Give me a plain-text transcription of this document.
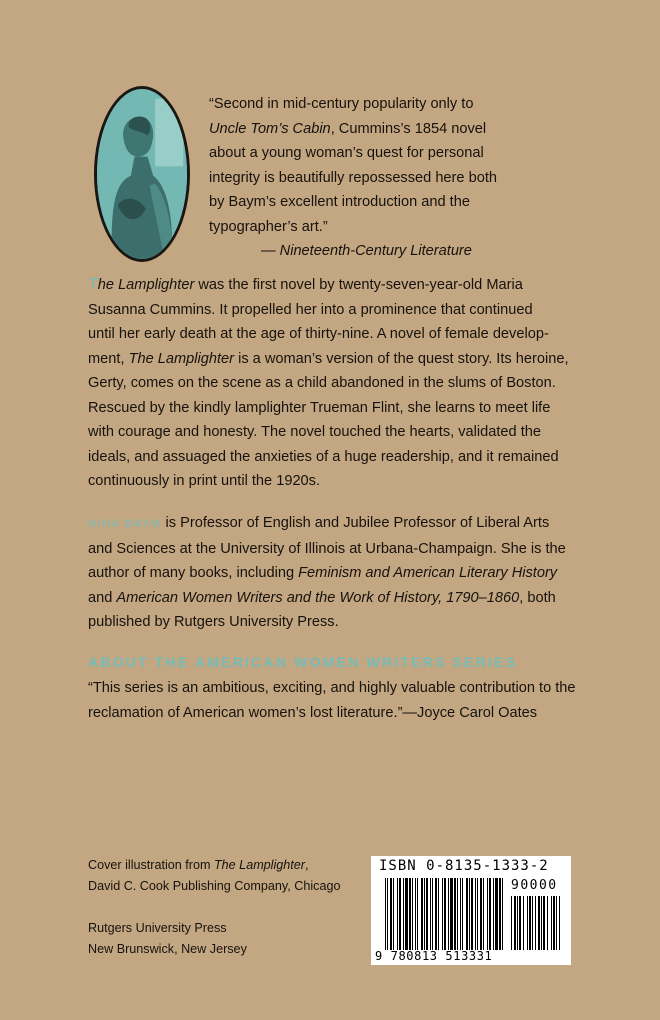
“Second in mid-century popularity only to
Uncle Tom’s Cabin, Cummins’s 1854 novel
about a young woman’s quest for personal
integrity is beautifully repossessed here both
by Baym’s excellent introduction and the
typographer’s art.”
— Nineteenth-Century Literature
The Lamplighter was the first novel by twenty-seven-year-old Maria
Susanna Cummins. It propelled her into a prominence that continued
until her early death at the age of thirty-nine. A novel of female develop-
ment, The Lamplighter is a woman’s version of the quest story. Its heroine,
Gerty, comes on the scene as a child abandoned in the slums of Boston.
Rescued by the kindly lamplighter Trueman Flint, she learns to meet life
with courage and honesty. The novel touched the hearts, validated the
ideals, and assuaged the anxieties of a huge readership, and it remained
continuously in print until the 1920s.
NINA BAYM is Professor of English and Jubilee Professor of Liberal Arts
and Sciences at the University of Illinois at Urbana-Champaign. She is the
author of many books, including Feminism and American Literary History
and American Women Writers and the Work of History, 1790–1860, both
published by Rutgers University Press.
ABOUT THE AMERICAN WOMEN WRITERS SERIES
“This series is an ambitious, exciting, and highly valuable contribution to the
reclamation of American women’s lost literature.”—Joyce Carol Oates
Cover illustration from The Lamplighter,
David C. Cook Publishing Company, Chicago
Rutgers University Press
New Brunswick, New Jersey
ISBN 0-8135-1333-2
90000
9 780813 513331
